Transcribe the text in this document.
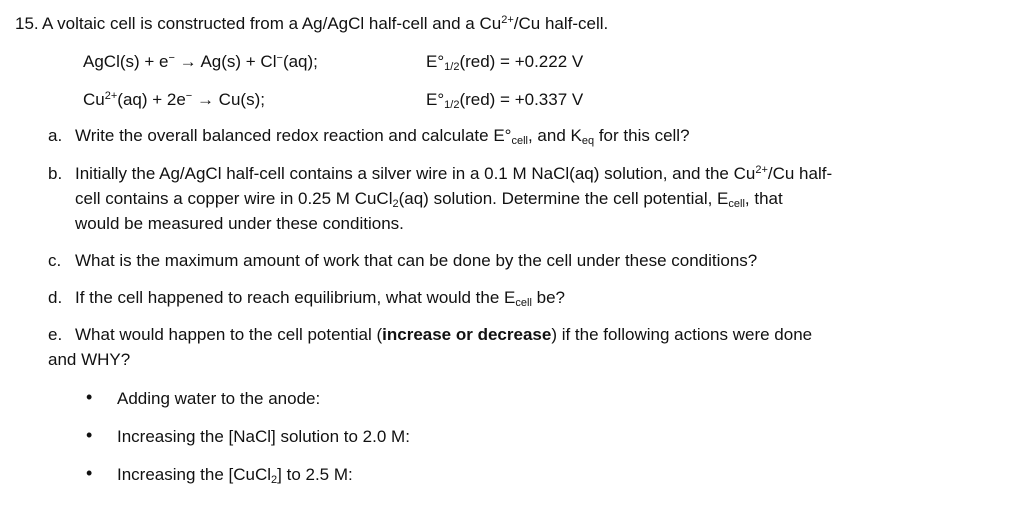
15. A voltaic cell is constructed from a Ag/AgCl half-cell and a $Cu^{2+}/Cu$ half-cell.
AgCl(s) + e− → Ag(s) + Cl−(aq);	$E^\circ_{1/2}(red) = +0.222$ V
$Cu^{2+}(aq) + 2e^- \to Cu(s)$;	$E^\circ_{1/2}(red) = +0.337$ V
a. Write the overall balanced redox reaction and calculate $E^\circ_{cell}$, and $K_{eq}$ for this cell?
b. Initially the Ag/AgCl half-cell contains a silver wire in a 0.1 M NaCl(aq) solution, and the $Cu^{2+}/Cu$ half-
cell contains a copper wire in 0.25 M CuCl$_2$(aq) solution. Determine the cell potential, $E_{cell}$, that
would be measured under these conditions.
c. What is the maximum amount of work that can be done by the cell under these conditions?
d. If the cell happened to reach equilibrium, what would the $E_{cell}$ be?
e. What would happen to the cell potential (increase or decrease) if the following actions were done
and WHY?
• Adding water to the anode:
• Increasing the [NaCl] solution to 2.0 M:
• Increasing the [CuCl$_2$] to 2.5 M:
